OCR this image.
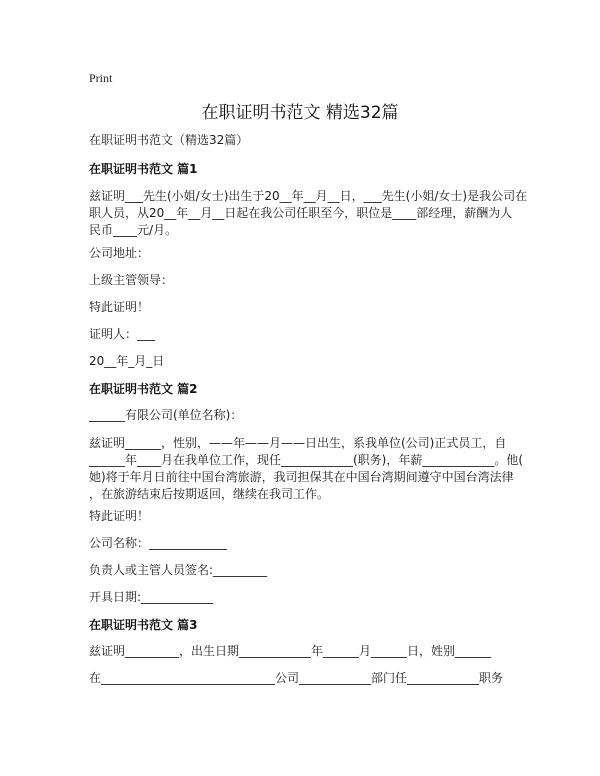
Print
在职证明书范文 精选32篇
在职证明书范文（精选32篇）
在职证明书范文 篇1
兹证明___先生(小姐/女士)出生于20__年__月__日，___先生(小姐/女士)是我公司在
职人员，从20__年__月__日起在我公司任职至今，职位是____部经理，薪酬为人
民币____元/月。
公司地址：
上级主管领导：
特此证明！
证明人：___
20__年_月_日
在职证明书范文 篇2
______有限公司(单位名称)：
兹证明______，性别，——年——月——日出生，系我单位(公司)正式员工，自
______年____月在我单位工作，现任____________(职务)，年薪____________。他(
她)将于年月日前往中国台湾旅游，我司担保其在中国台湾期间遵守中国台湾法律
，在旅游结束后按期返回，继续在我司工作。
特此证明！
公司名称：_____________
负责人或主管人员签名:_________
开具日期:____________
在职证明书范文 篇3
兹证明_________，出生日期____________年______月______日，姓别______
在_____________________________公司____________部门任____________职务
